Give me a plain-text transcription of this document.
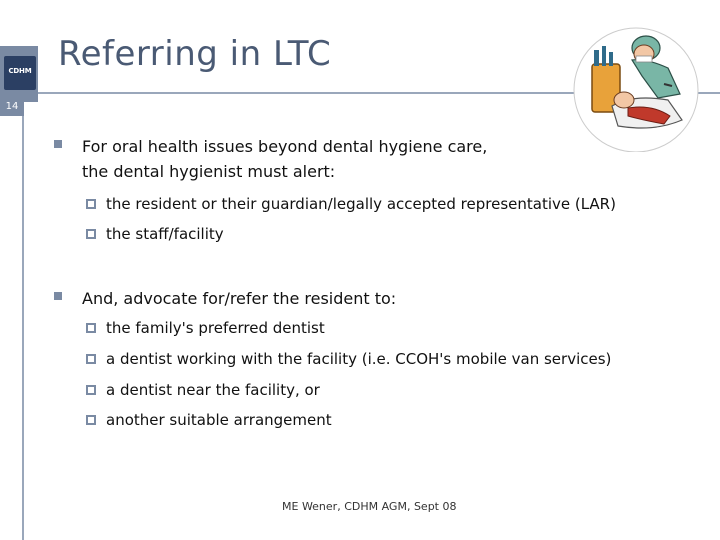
CDHM Referring in LTC
14
For oral health issues beyond dental hygiene care,
the dental hygienist must alert:
the resident or their guardian/legally accepted representative (LAR)
the staff/facility
And, advocate for/refer the resident to:
the family's preferred dentist
a dentist working with the facility (i.e. CCOH's mobile van services)
a dentist near the facility, or
another suitable arrangement
ME Wener, CDHM AGM, Sept 08
